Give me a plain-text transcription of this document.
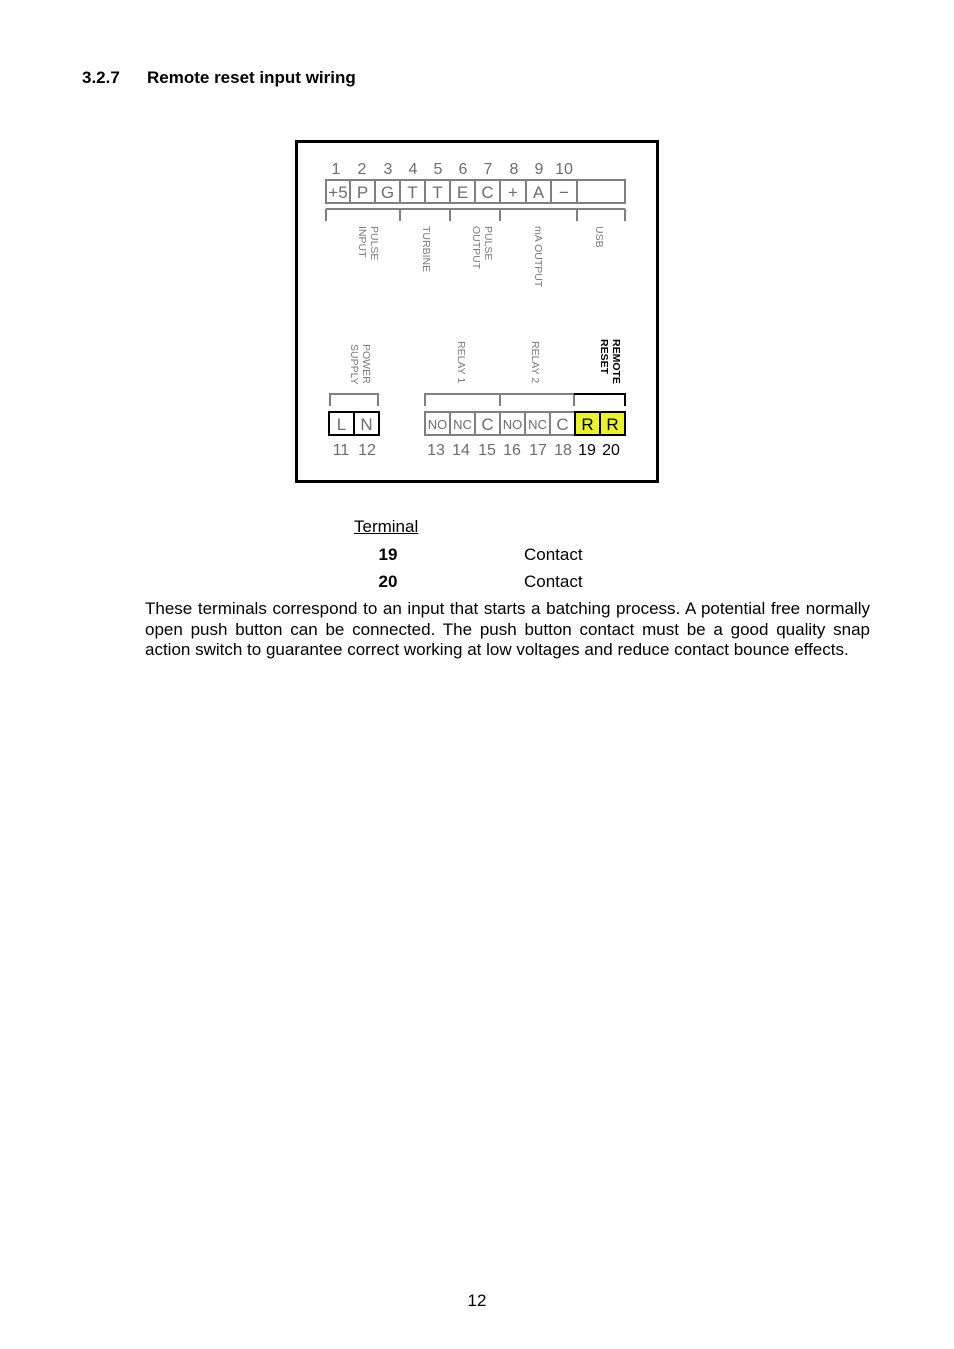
3.2.7 Remote reset input wiring
1 2 3 4 5 6 7 8 9 10
+5 P G T T E C + A −
PULSEINPUT	TURBINE	PULSEOUTPUT	mA OUTPUT	USB
POWERSUPPLY	RELAY 1	RELAY 2	REMOTERESET
L N
11 12
NO NC C NO NC C R R
13 14 15 16 17 18 19 20
Terminal
19	Contact
20	Contact
These terminals correspond to an input that starts a batching process. A potential free normally open push button can be connected. The push button contact must be a good quality snap action switch to guarantee correct working at low voltages and reduce contact bounce effects.
12
